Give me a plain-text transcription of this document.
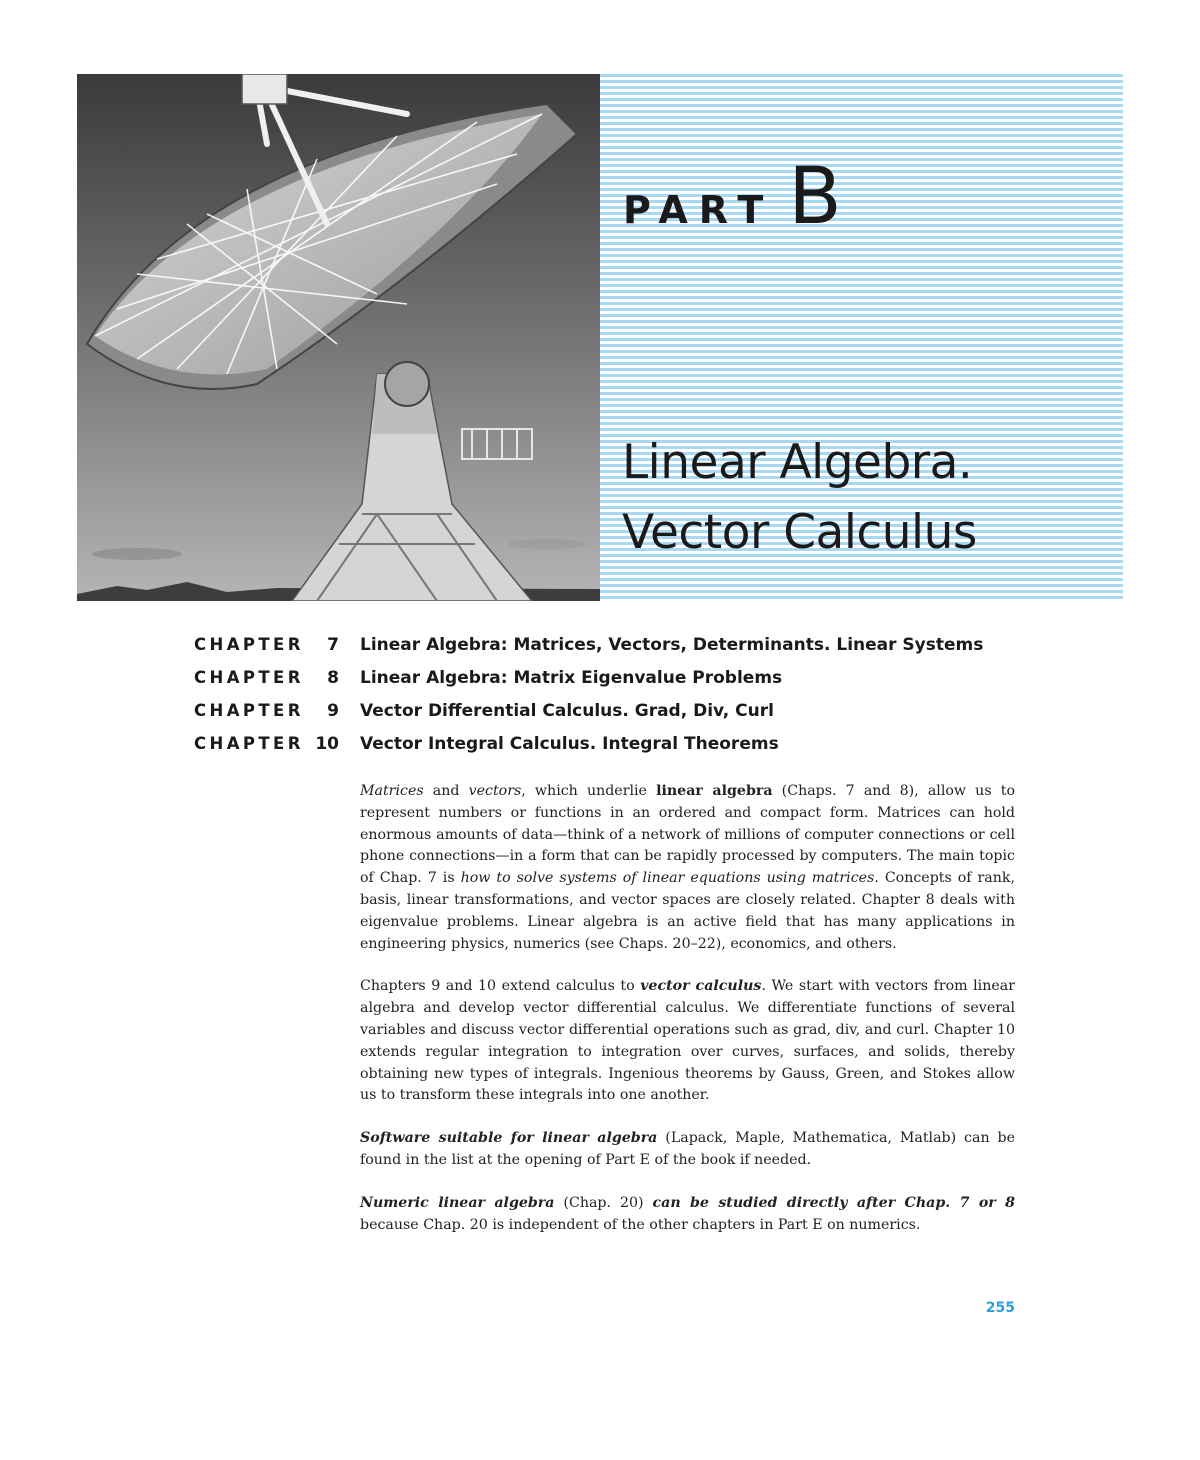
PART B
Linear Algebra.
Vector Calculus
CHAPTER	7 Linear Algebra: Matrices, Vectors, Determinants. Linear Systems
CHAPTER	8 Linear Algebra: Matrix Eigenvalue Problems
CHAPTER	9 Vector Differential Calculus. Grad, Div, Curl
CHAPTER 10 Vector Integral Calculus. Integral Theorems

Matrices and vectors, which underlie linear algebra (Chaps. 7 and 8), allow us to represent numbers or functions in an ordered and compact form. Matrices can hold enormous amounts of data—think of a network of millions of computer connections or cell phone connections—in a form that can be rapidly processed by computers. The main topic of Chap. 7 is how to solve systems of linear equations using matrices. Concepts of rank, basis, linear transformations, and vector spaces are closely related. Chapter 8 deals with eigenvalue problems. Linear algebra is an active field that has many applications in engineering physics, numerics (see Chaps. 20–22), economics, and others.

Chapters 9 and 10 extend calculus to vector calculus. We start with vectors from linear algebra and develop vector differential calculus. We differentiate functions of several variables and discuss vector differential operations such as grad, div, and curl. Chapter 10 extends regular integration to integration over curves, surfaces, and solids, thereby obtaining new types of integrals. Ingenious theorems by Gauss, Green, and Stokes allow us to transform these integrals into one another.

Software suitable for linear algebra (Lapack, Maple, Mathematica, Matlab) can be found in the list at the opening of Part E of the book if needed.

Numeric linear algebra (Chap. 20) can be studied directly after Chap. 7 or 8 because Chap. 20 is independent of the other chapters in Part E on numerics.

255
